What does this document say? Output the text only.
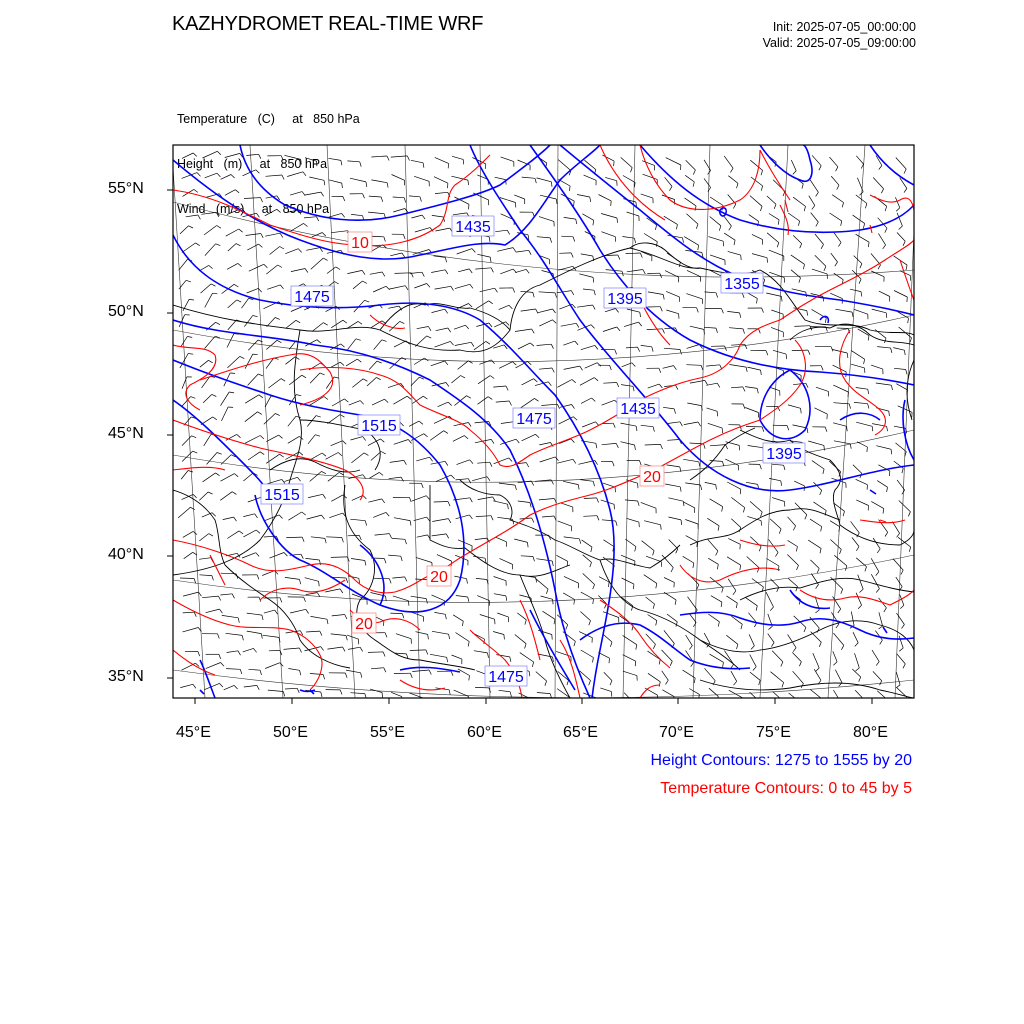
KAZHYDROMET REAL-TIME WRF	Init: 2025-07-05_00:00:00
Valid: 2025-07-05_09:00:00

Temperature   (C)     at   850 hPa

Height   (m)     at   850 hPa

Wind   (m/s)     at   850 hPa

1435
1475	1395
1355
1515	1475
1435
1395
1515
1475
10
20
20
20
55°N
50°N
45°N
40°N
35°N
45°E	50°E	55°E	60°E	65°E	70°E	75°E	80°E
Height Contours: 1275 to 1555 by 20
Temperature Contours: 0 to 45 by 5
